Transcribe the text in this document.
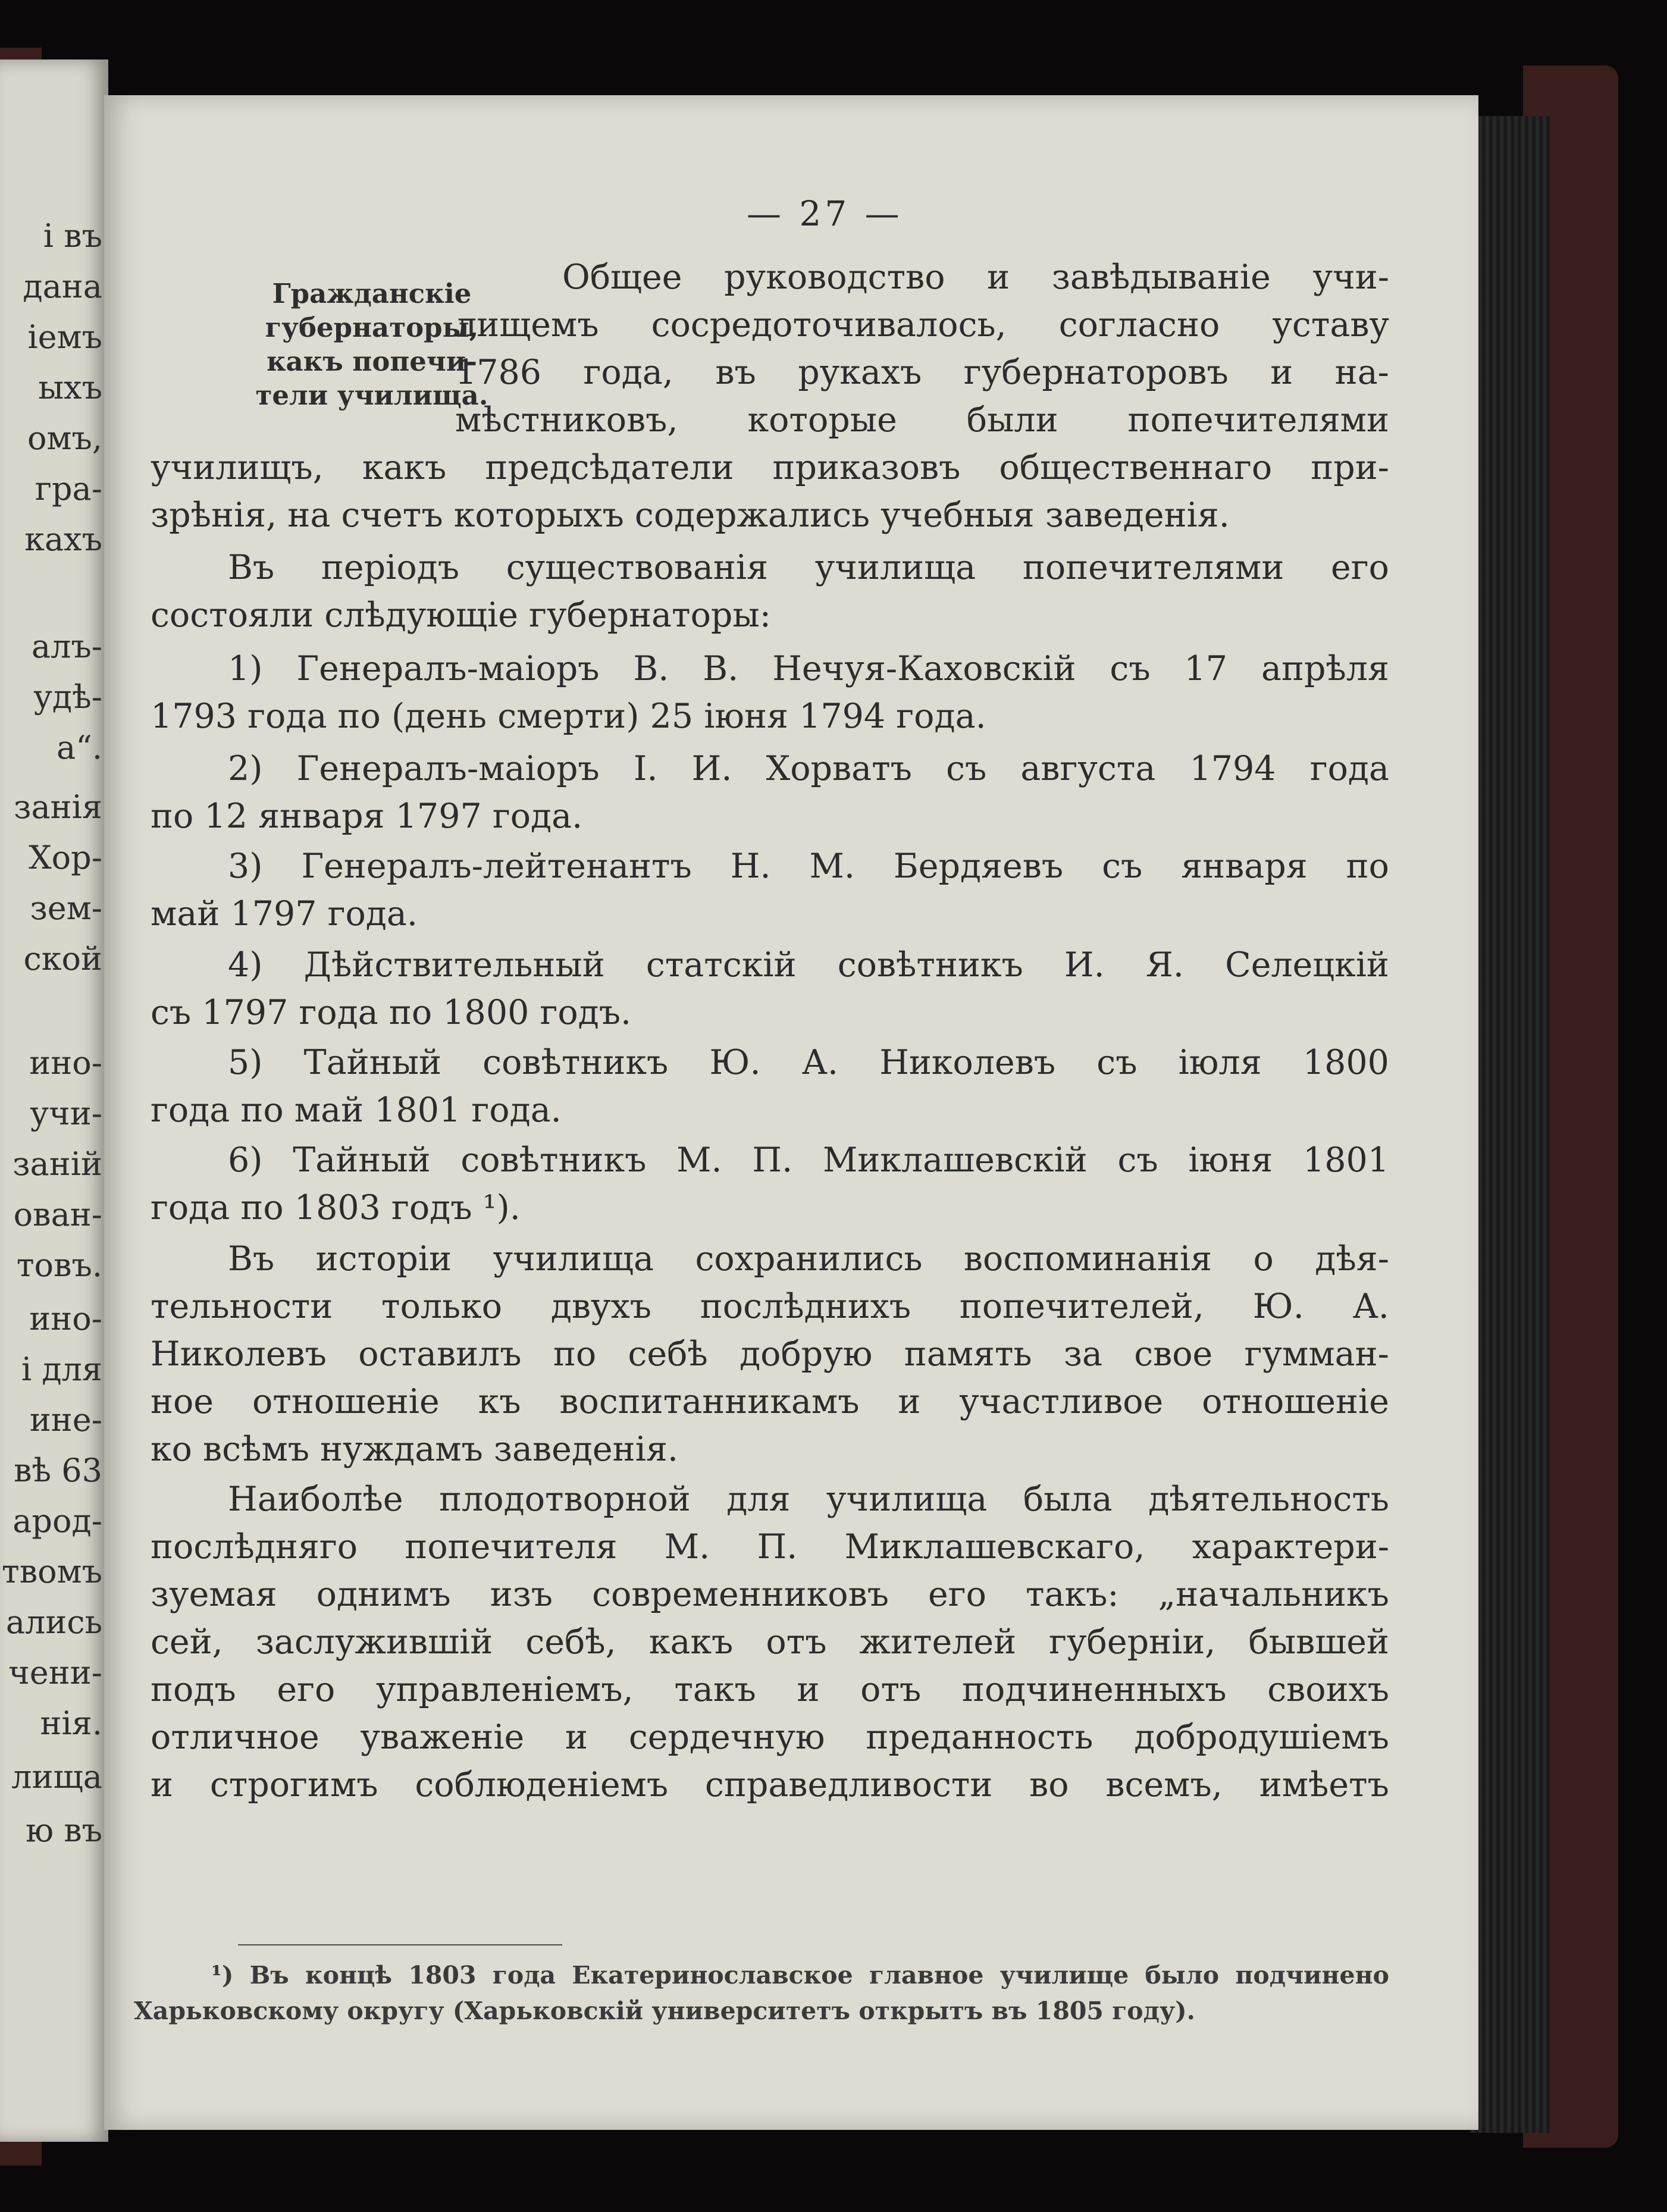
і въ
дана
іемъ
ыхъ
омъ,
гра-
кахъ
алъ-
удѣ-
а“.
занія
Хор-
зем-
ской
ино-
учи-
заній
ован-
товъ.
ино-
і для
ине-
вѣ 63
арод-
твомъ
ались
чени-
нія.
лища
ю въ
— 27 —
Гражданскіе
губернаторы,
какъ попечи-
тели училища.
Общее руководство и завѣдываніе учи-
лищемъ сосредоточивалось, согласно уставу
1786 года, въ рукахъ губернаторовъ и на-
мѣстниковъ, которые были попечителями
училищъ, какъ предсѣдатели приказовъ общественнаго при-
зрѣнія, на счетъ которыхъ содержались учебныя заведенія.
Въ періодъ существованія училища попечителями его
состояли слѣдующіе губернаторы:
1) Генералъ-маіоръ В. В. Нечуя-Каховскій съ 17 апрѣля
1793 года по (день смерти) 25 іюня 1794 года.
2) Генералъ-маіоръ І. И. Хорватъ съ августа 1794 года
по 12 января 1797 года.
3) Генералъ-лейтенантъ Н. М. Бердяевъ съ января по
май 1797 года.
4) Дѣйствительный статскій совѣтникъ И. Я. Селецкій
съ 1797 года по 1800 годъ.
5) Тайный совѣтникъ Ю. А. Николевъ съ іюля 1800
года по май 1801 года.
6) Тайный совѣтникъ М. П. Миклашевскій съ іюня 1801
года по 1803 годъ ¹).
Въ исторіи училища сохранились воспоминанія о дѣя-
тельности только двухъ послѣднихъ попечителей, Ю. А.
Николевъ оставилъ по себѣ добрую память за свое гумман-
ное отношеніе къ воспитанникамъ и участливое отношеніе
ко всѣмъ нуждамъ заведенія.
Наиболѣе плодотворной для училища была дѣятельность
послѣдняго попечителя М. П. Миклашевскаго, характери-
зуемая однимъ изъ современниковъ его такъ: „начальникъ
сей, заслужившій себѣ, какъ отъ жителей губерніи, бывшей
подъ его управленіемъ, такъ и отъ подчиненныхъ своихъ
отличное уваженіе и сердечную преданность добродушіемъ
и строгимъ соблюденіемъ справедливости во всемъ, имѣетъ
¹) Въ концѣ 1803 года Екатеринославское главное училище было подчинено
Харьковскому округу (Харьковскій университетъ открытъ въ 1805 году).
